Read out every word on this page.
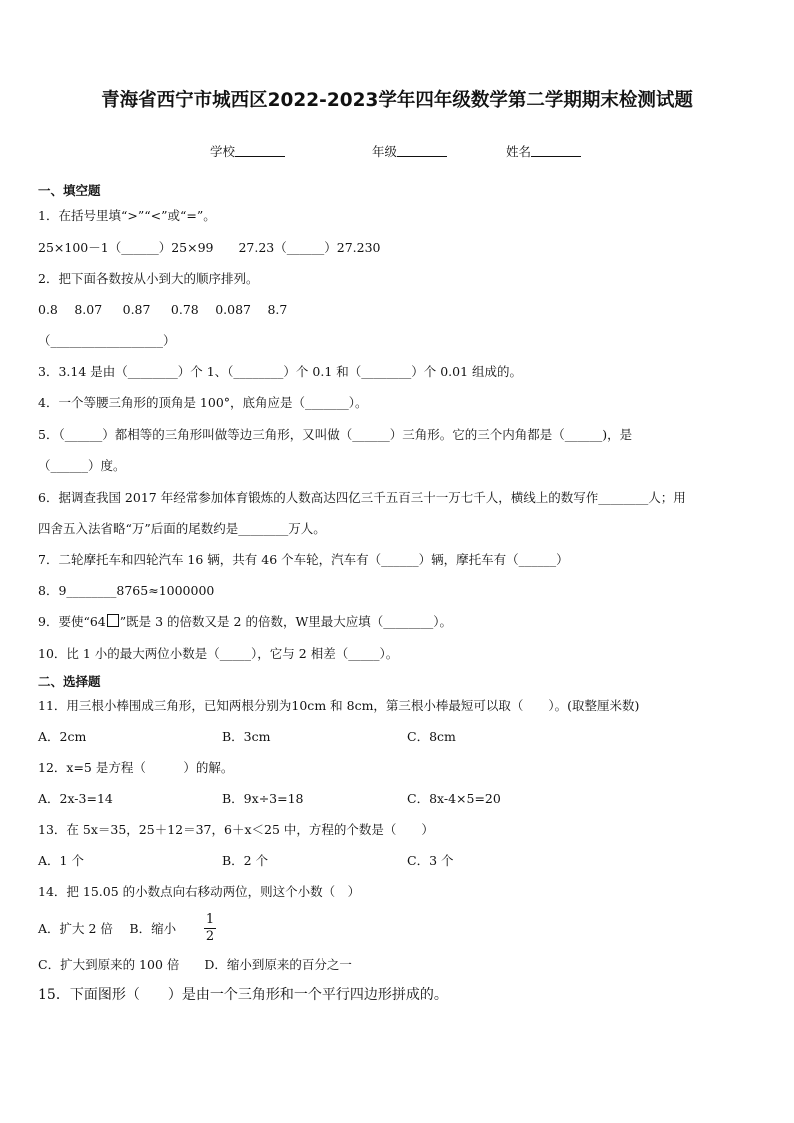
青海省西宁市城西区2022-2023学年四年级数学第二学期期末检测试题
学校	年级	姓名
一、填空题
1．在括号里填“>”“<”或“=”。
25×100－1（______）25×99　　27.23（______）27.230
2．把下面各数按从小到大的顺序排列。
0.8　 8.07 　 0.87 　 0.78　 0.087　 8.7
（__________________）
3．3.14 是由（________）个 1、（________）个 0.1 和（________）个 0.01 组成的。
4．一个等腰三角形的顶角是 100°，底角应是（_______）。
5．（______）都相等的三角形叫做等边三角形，又叫做（______）三角形。它的三个内角都是（______)，是
（______）度。
6．据调查我国 2017 年经常参加体育锻炼的人数高达四亿三千五百三十一万七千人，横线上的数写作________人；用
四舍五入法省略“万”后面的尾数约是________万人。
7．二轮摩托车和四轮汽车 16 辆，共有 46 个车轮，汽车有（______）辆，摩托车有（______）
8．9________8765≈1000000
9．要使“64 ”既是 3 的倍数又是 2 的倍数，W里最大应填（________）。
10．比 1 小的最大两位小数是（_____），它与 2 相差（_____）。
二、选择题
11．用三根小棒围成三角形，已知两根分别为10cm 和 8cm，第三根小棒最短可以取（　　）。(取整厘米数)
A．2cm	B．3cm	C．8cm
12．x=5 是方程（　　　）的解。
A．2x-3=14	B．9x÷3=18	C．8x-4×5=20
13．在 5x＝35，25＋12＝37，6＋x＜25 中，方程的个数是（　　）
A．1 个	B．2 个	C．3 个
14．把 15.05 的小数点向右移动两位，则这个小数（　）
A．扩大 2 倍　 B．缩小
1
2
C．扩大到原来的 100 倍　　D．缩小到原来的百分之一
15．下面图形（　　）是由一个三角形和一个平行四边形拼成的。
